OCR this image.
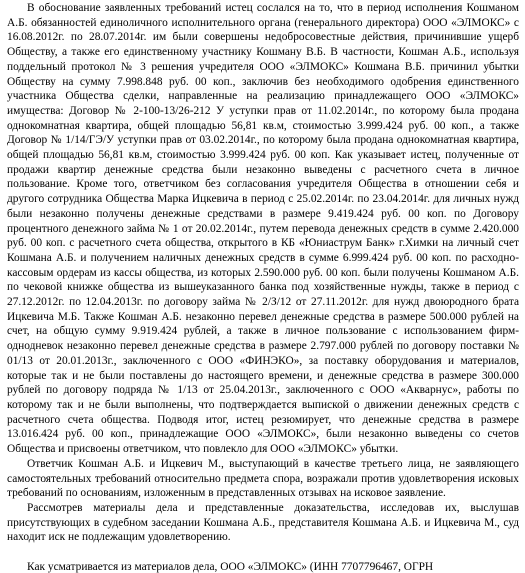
В обоснование заявленных требований истец сослался на то, что в период исполнения Кошманом А.Б. обязанностей единоличного исполнительного органа (генерального директора) ООО «ЭЛМОКС» с 16.08.2012г. по 28.07.2014г. им были совершены недобросовестные действия, причинившие ущерб Обществу, а также его единственному участнику Кошману В.Б. В частности, Кошман А.Б., используя поддельный протокол № 3 решения учредителя ООО «ЭЛМОКС» Кошмана В.Б. причинил убытки Обществу на сумму 7.998.848 руб. 00 коп., заключив без необходимого одобрения единственного участника Общества сделки, направленные на реализацию принадлежащего ООО «ЭЛМОКС» имущества: Договор № 2-100-13/26-212 У уступки прав от 11.02.2014г., по которому была продана однокомнатная квартира, общей площадью 56,81 кв.м, стоимостью 3.999.424 руб. 00 коп., а также Договор № 1/14/ГЭ/У уступки прав от 03.02.2014г., по которому была продана однокомнатная квартира, общей площадью 56,81 кв.м, стоимостью 3.999.424 руб. 00 коп. Как указывает истец, полученные от продажи квартир денежные средства были незаконно выведены с расчетного счета в личное пользование. Кроме того, ответчиком без согласования учредителя Общества в отношении себя и другого сотрудника Общества Марка Ицкевича в период с 25.02.2014г. по 23.04.2014г. для личных нужд были незаконно получены денежные средствами в размере 9.419.424 руб. 00 коп. по Договору процентного денежного займа № 1 от 20.02.2014г., путем перевода денежных средств в сумме 2.420.000 руб. 00 коп. с расчетного счета общества, открытого в КБ «Юниаструм Банк» г.Химки на личный счет Кошмана А.Б. и получением наличных денежных средств в сумме 6.999.424 руб. 00 коп. по расходно-кассовым ордерам из кассы общества, из которых 2.590.000 руб. 00 коп. были получены Кошманом А.Б. по чековой книжке общества из вышеуказанного банка под хозяйственные нужды, также в период с 27.12.2012г. по 12.04.2013г. по договору займа № 2/З/12 от 27.11.2012г. для нужд двоюродного брата Ицкевича М.Б. Также Кошман А.Б. незаконно перевел денежные средства в размере 500.000 рублей на счет, на общую сумму 9.919.424 рублей, а также в личное пользование с использованием фирм-однодневок незаконно перевел денежные средства в размере 2.797.000 рублей по договору поставки № 01/13 от 20.01.2013г., заключенного с ООО «ФИНЭКО», за поставку оборудования и материалов, которые так и не были поставлены до настоящего времени, и денежные средства в размере 300.000 рублей по договору подряда № 1/13 от 25.04.2013г., заключенного с ООО «Акварнус», работы по которому так и не были выполнены, что подтверждается выпиской о движении денежных средств с расчетного счета общества. Подводя итог, истец резюмирует, что денежные средства в размере 13.016.424 руб. 00 коп., принадлежащие ООО «ЭЛМОКС», были незаконно выведены со счетов Общества и присвоены ответчиком, что повлекло для ООО «ЭЛМОКС» убытки.

Ответчик Кошман А.Б. и Ицкевич М., выступающий в качестве третьего лица, не заявляющего самостоятельных требований относительно предмета спора, возражали против удовлетворения исковых требований по основаниям, изложенным в представленных отзывах на исковое заявление.

Рассмотрев материалы дела и представленные доказательства, исследовав их, выслушав присутствующих в судебном заседании Кошмана А.Б., представителя Кошмана А.Б. и Ицкевича М., суд находит иск не подлежащим удовлетворению.

Как усматривается из материалов дела, ООО «ЭЛМОКС» (ИНН 7707796467, ОГРН
